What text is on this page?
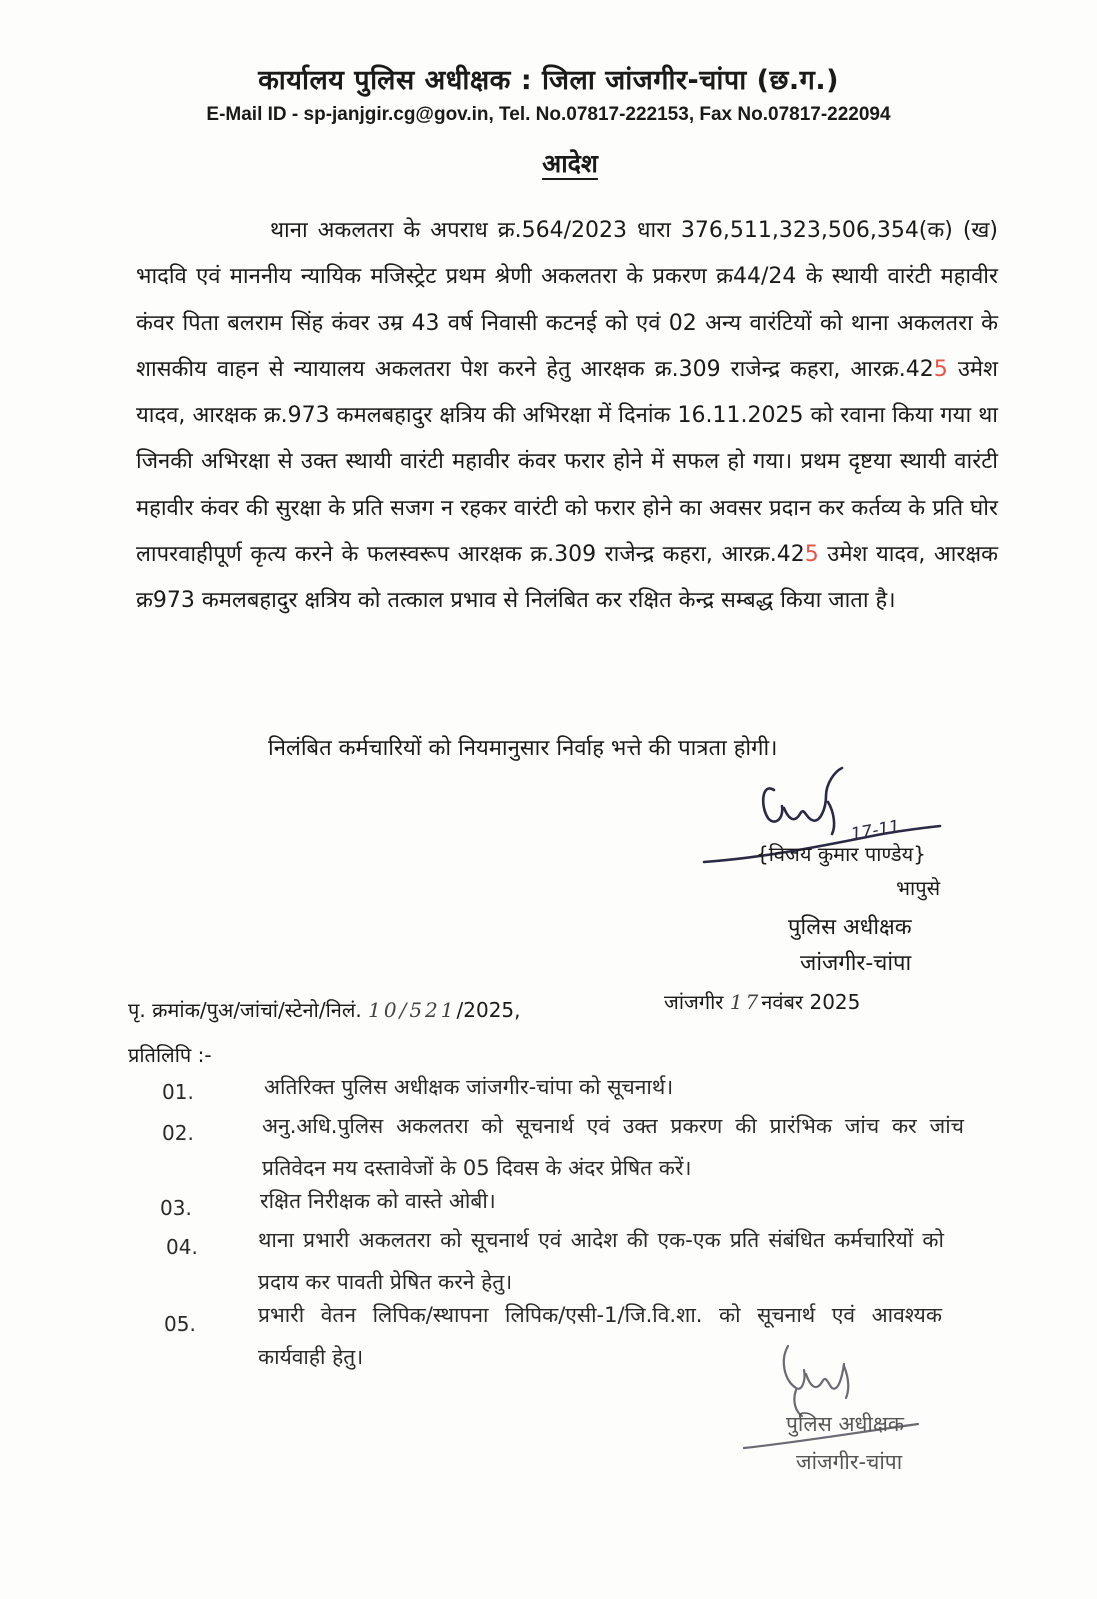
कार्यालय पुलिस अधीक्षक : जिला जांजगीर-चांपा (छ.ग.)
E-Mail ID - sp-janjgir.cg@gov.in, Tel. No.07817-222153, Fax No.07817-222094
आदेश

थाना अकलतरा के अपराध क्र.564/2023 धारा 376,511,323,506,354(क) (ख) भादवि एवं माननीय न्यायिक मजिस्ट्रेट प्रथम श्रेणी अकलतरा के प्रकरण क्र44/24 के स्थायी वारंटी महावीर कंवर पिता बलराम सिंह कंवर उम्र 43 वर्ष निवासी कटनई को एवं 02 अन्य वारंटियों को थाना अकलतरा के शासकीय वाहन से न्यायालय अकलतरा पेश करने हेतु आरक्षक क्र.309 राजेन्द्र कहरा, आरक्र.425 उमेश यादव, आरक्षक क्र.973 कमलबहादुर क्षत्रिय की अभिरक्षा में दिनांक 16.11.2025 को रवाना किया गया था जिनकी अभिरक्षा से उक्त स्थायी वारंटी महावीर कंवर फरार होने में सफल हो गया। प्रथम दृष्टया स्थायी वारंटी महावीर कंवर की सुरक्षा के प्रति सजग न रहकर वारंटी को फरार होने का अवसर प्रदान कर कर्तव्य के प्रति घोर लापरवाहीपूर्ण कृत्य करने के फलस्वरूप आरक्षक क्र.309 राजेन्द्र कहरा, आरक्र.425 उमेश यादव, आरक्षक क्र973 कमलबहादुर क्षत्रिय को तत्काल प्रभाव से निलंबित कर रक्षित केन्द्र सम्बद्ध किया जाता है।

निलंबित कर्मचारियों को नियमानुसार निर्वाह भत्ते की पात्रता होगी।
17-11
{विजय कुमार पाण्डेय}
भापुसे
पुलिस अधीक्षक
जांजगीर-चांपा
पृ. क्रमांक/पुअ/जांचां/स्टेनो/निलं. 10/521/2025,	जांजगीर 17नवंबर 2025
प्रतिलिपि :-
01.	अतिरिक्त पुलिस अधीक्षक जांजगीर-चांपा को सूचनार्थ।

02.	अनु.अधि.पुलिस अकलतरा को सूचनार्थ एवं उक्त प्रकरण की प्रारंभिक जांच कर जांच प्रतिवेदन मय दस्तावेजों के 05 दिवस के अंदर प्रेषित करें।

03.	रक्षित निरीक्षक को वास्ते ओबी।

04.	थाना प्रभारी अकलतरा को सूचनार्थ एवं आदेश की एक-एक प्रति संबंधित कर्मचारियों को प्रदाय कर पावती प्रेषित करने हेतु।

05.	प्रभारी वेतन लिपिक/स्थापना लिपिक/एसी-1/जि.वि.शा. को सूचनार्थ एवं आवश्यक कार्यवाही हेतु।

पुलिस अधीक्षक
जांजगीर-चांपा
